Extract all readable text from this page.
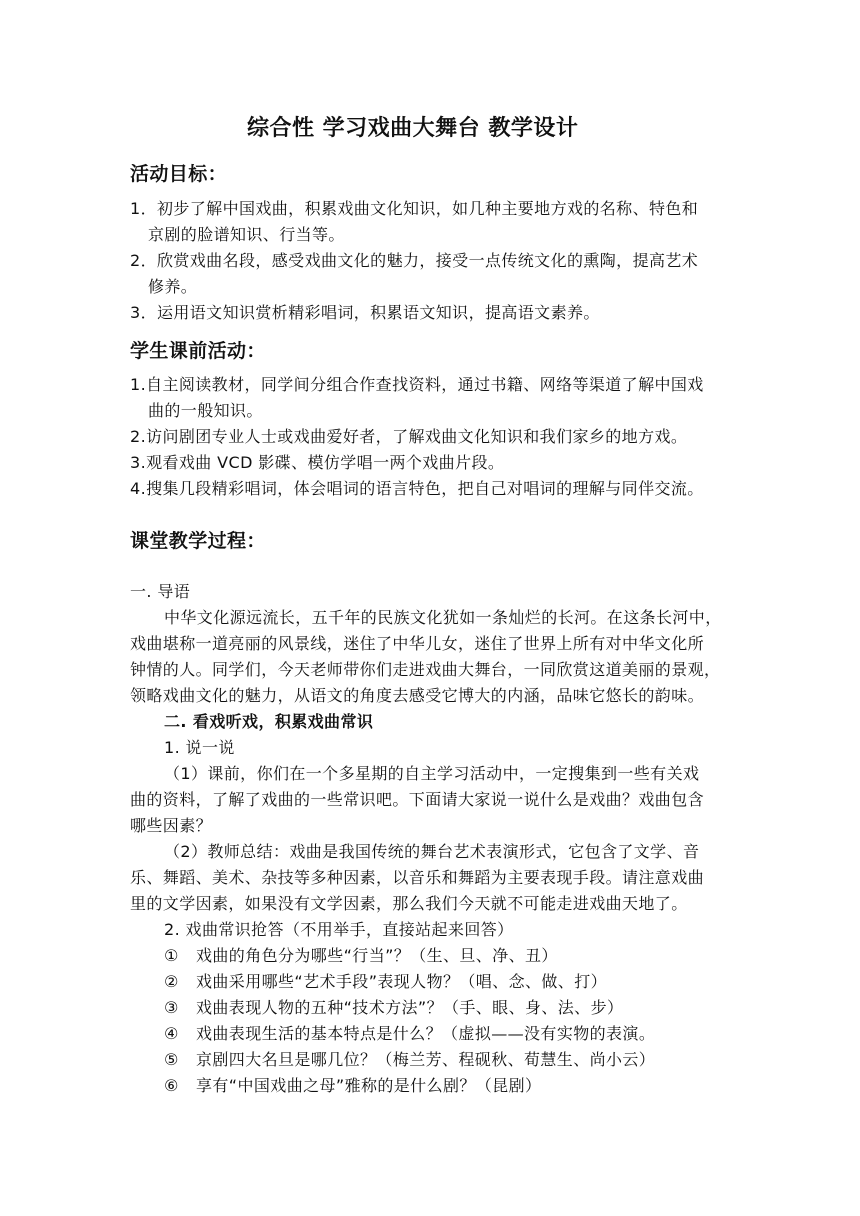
综合性 学习戏曲大舞台 教学设计
活动目标：
1．初步了解中国戏曲，积累戏曲文化知识，如几种主要地方戏的名称、特色和
京剧的脸谱知识、行当等。
2．欣赏戏曲名段，感受戏曲文化的魅力，接受一点传统文化的熏陶，提高艺术
修养。
3．运用语文知识赏析精彩唱词，积累语文知识，提高语文素养。
学生课前活动：
1.自主阅读教材，同学间分组合作查找资料，通过书籍、网络等渠道了解中国戏
曲的一般知识。
2.访问剧团专业人士或戏曲爱好者，了解戏曲文化知识和我们家乡的地方戏。
3.观看戏曲 VCD 影碟、模仿学唱一两个戏曲片段。
4.搜集几段精彩唱词，体会唱词的语言特色，把自己对唱词的理解与同伴交流。
课堂教学过程：
一. 导语
中华文化源远流长，五千年的民族文化犹如一条灿烂的长河。在这条长河中，
戏曲堪称一道亮丽的风景线，迷住了中华儿女，迷住了世界上所有对中华文化所
钟情的人。同学们，今天老师带你们走进戏曲大舞台，一同欣赏这道美丽的景观，
领略戏曲文化的魅力，从语文的角度去感受它博大的内涵，品味它悠长的韵味。
二. 看戏听戏，积累戏曲常识
1. 说一说
（1）课前，你们在一个多星期的自主学习活动中，一定搜集到一些有关戏
曲的资料，了解了戏曲的一些常识吧。下面请大家说一说什么是戏曲？戏曲包含
哪些因素？
（2）教师总结：戏曲是我国传统的舞台艺术表演形式，它包含了文学、音
乐、舞蹈、美术、杂技等多种因素，以音乐和舞蹈为主要表现手段。请注意戏曲
里的文学因素，如果没有文学因素，那么我们今天就不可能走进戏曲天地了。
2. 戏曲常识抢答（不用举手，直接站起来回答）
① 戏曲的角色分为哪些“行当”？（生、旦、净、丑）
② 戏曲采用哪些“艺术手段”表现人物？（唱、念、做、打）
③ 戏曲表现人物的五种“技术方法”？（手、眼、身、法、步）
④ 戏曲表现生活的基本特点是什么？（虚拟——没有实物的表演。
⑤ 京剧四大名旦是哪几位？（梅兰芳、程砚秋、荀慧生、尚小云）
⑥ 享有“中国戏曲之母”雅称的是什么剧？（昆剧）
